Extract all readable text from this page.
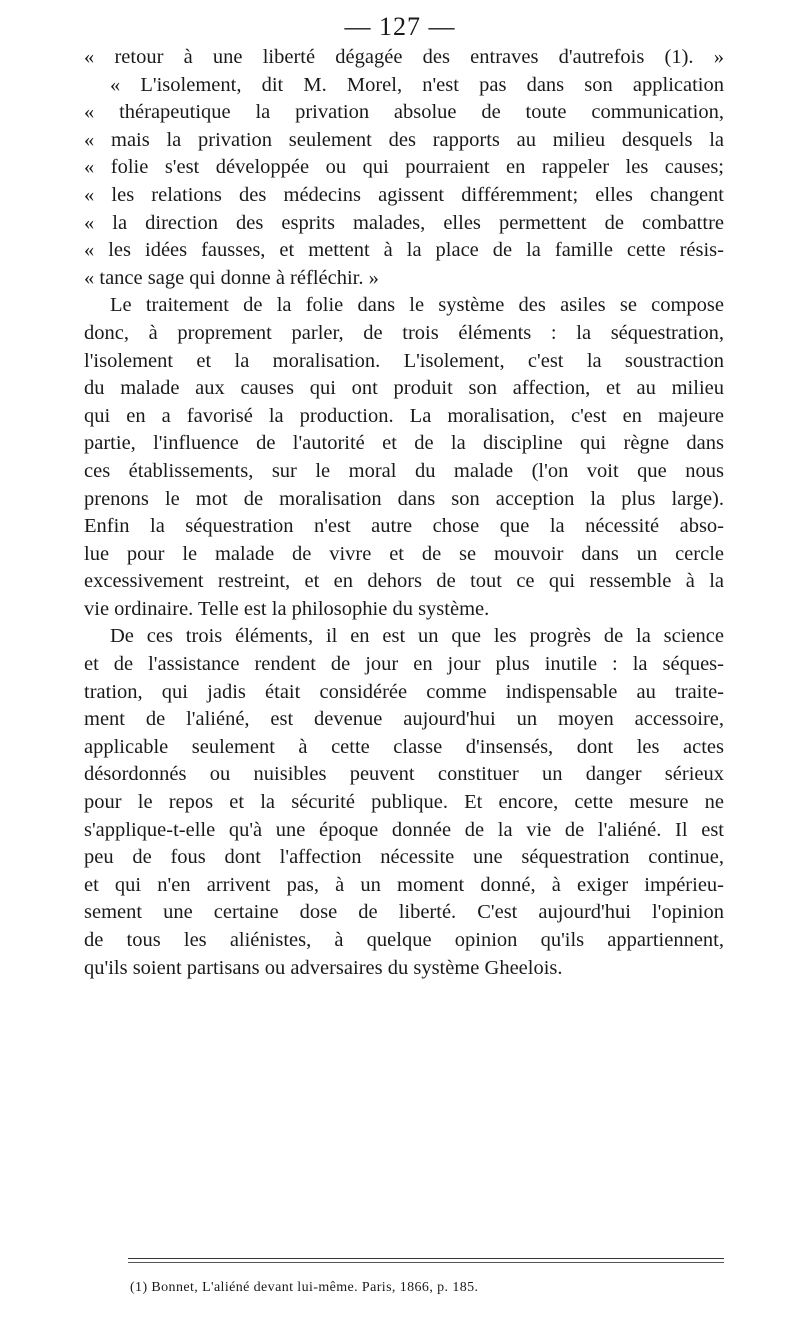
— 127 —
« retour à une liberté dégagée des entraves d'autrefois (1). »
« L'isolement, dit M. Morel, n'est pas dans son application
« thérapeutique la privation absolue de toute communication,
« mais la privation seulement des rapports au milieu desquels la
« folie s'est développée ou qui pourraient en rappeler les causes;
« les relations des médecins agissent différemment; elles changent
« la direction des esprits malades, elles permettent de combattre
« les idées fausses, et mettent à la place de la famille cette résis-
« tance sage qui donne à réfléchir. »
Le traitement de la folie dans le système des asiles se compose
donc, à proprement parler, de trois éléments : la séquestration,
l'isolement et la moralisation. L'isolement, c'est la soustraction
du malade aux causes qui ont produit son affection, et au milieu
qui en a favorisé la production. La moralisation, c'est en majeure
partie, l'influence de l'autorité et de la discipline qui règne dans
ces établissements, sur le moral du malade (l'on voit que nous
prenons le mot de moralisation dans son acception la plus large).
Enfin la séquestration n'est autre chose que la nécessité abso-
lue pour le malade de vivre et de se mouvoir dans un cercle
excessivement restreint, et en dehors de tout ce qui ressemble à la
vie ordinaire. Telle est la philosophie du système.
De ces trois éléments, il en est un que les progrès de la science
et de l'assistance rendent de jour en jour plus inutile : la séques-
tration, qui jadis était considérée comme indispensable au traite-
ment de l'aliéné, est devenue aujourd'hui un moyen accessoire,
applicable seulement à cette classe d'insensés, dont les actes
désordonnés ou nuisibles peuvent constituer un danger sérieux
pour le repos et la sécurité publique. Et encore, cette mesure ne
s'applique-t-elle qu'à une époque donnée de la vie de l'aliéné. Il est
peu de fous dont l'affection nécessite une séquestration continue,
et qui n'en arrivent pas, à un moment donné, à exiger impérieu-
sement une certaine dose de liberté. C'est aujourd'hui l'opinion
de tous les aliénistes, à quelque opinion qu'ils appartiennent,
qu'ils soient partisans ou adversaires du système Gheelois.
(1) Bonnet, L'aliéné devant lui-même. Paris, 1866, p. 185.
